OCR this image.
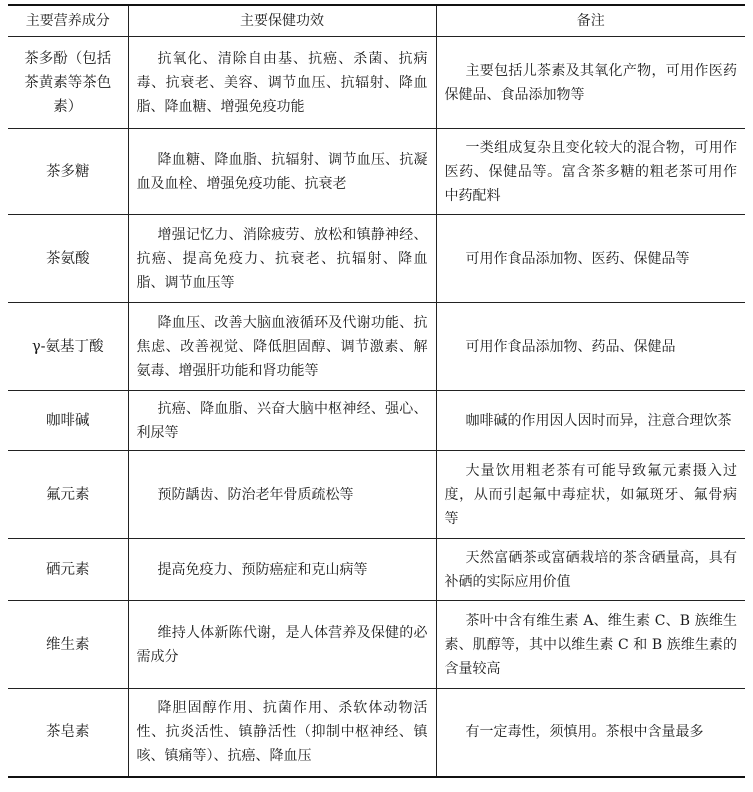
主要营养成分	主要保健功效	备注
茶多酚（包括茶黄素等茶色素）	抗氧化、清除自由基、抗癌、杀菌、抗病毒、抗衰老、美容、调节血压、抗辐射、降血脂、降血糖、增强免疫功能	主要包括儿茶素及其氧化产物，可用作医药保健品、食品添加物等

茶多糖	降血糖、降血脂、抗辐射、调节血压、抗凝血及血栓、增强免疫功能、抗衰老	一类组成复杂且变化较大的混合物，可用作医药、保健品等。富含茶多糖的粗老茶可用作中药配料

茶氨酸	增强记忆力、消除疲劳、放松和镇静神经、抗癌、提高免疫力、抗衰老、抗辐射、降血脂、调节血压等	可用作食品添加物、医药、保健品等

γ-氨基丁酸	降血压、改善大脑血液循环及代谢功能、抗焦虑、改善视觉、降低胆固醇、调节激素、解氨毒、增强肝功能和肾功能等	可用作食品添加物、药品、保健品

咖啡碱	抗癌、降血脂、兴奋大脑中枢神经、强心、利尿等	咖啡碱的作用因人因时而异，注意合理饮茶

氟元素	预防龋齿、防治老年骨质疏松等	大量饮用粗老茶有可能导致氟元素摄入过度，从而引起氟中毒症状，如氟斑牙、氟骨病等

硒元素	提高免疫力、预防癌症和克山病等	天然富硒茶或富硒栽培的茶含硒量高，具有补硒的实际应用价值

维生素	维持人体新陈代谢，是人体营养及保健的必需成分	茶叶中含有维生素 A、维生素 C、B 族维生素、肌醇等，其中以维生素 C 和 B 族维生素的含量较高

茶皂素	降胆固醇作用、抗菌作用、杀软体动物活性、抗炎活性、镇静活性（抑制中枢神经、镇咳、镇痛等）、抗癌、降血压	有一定毒性，须慎用。茶根中含量最多
